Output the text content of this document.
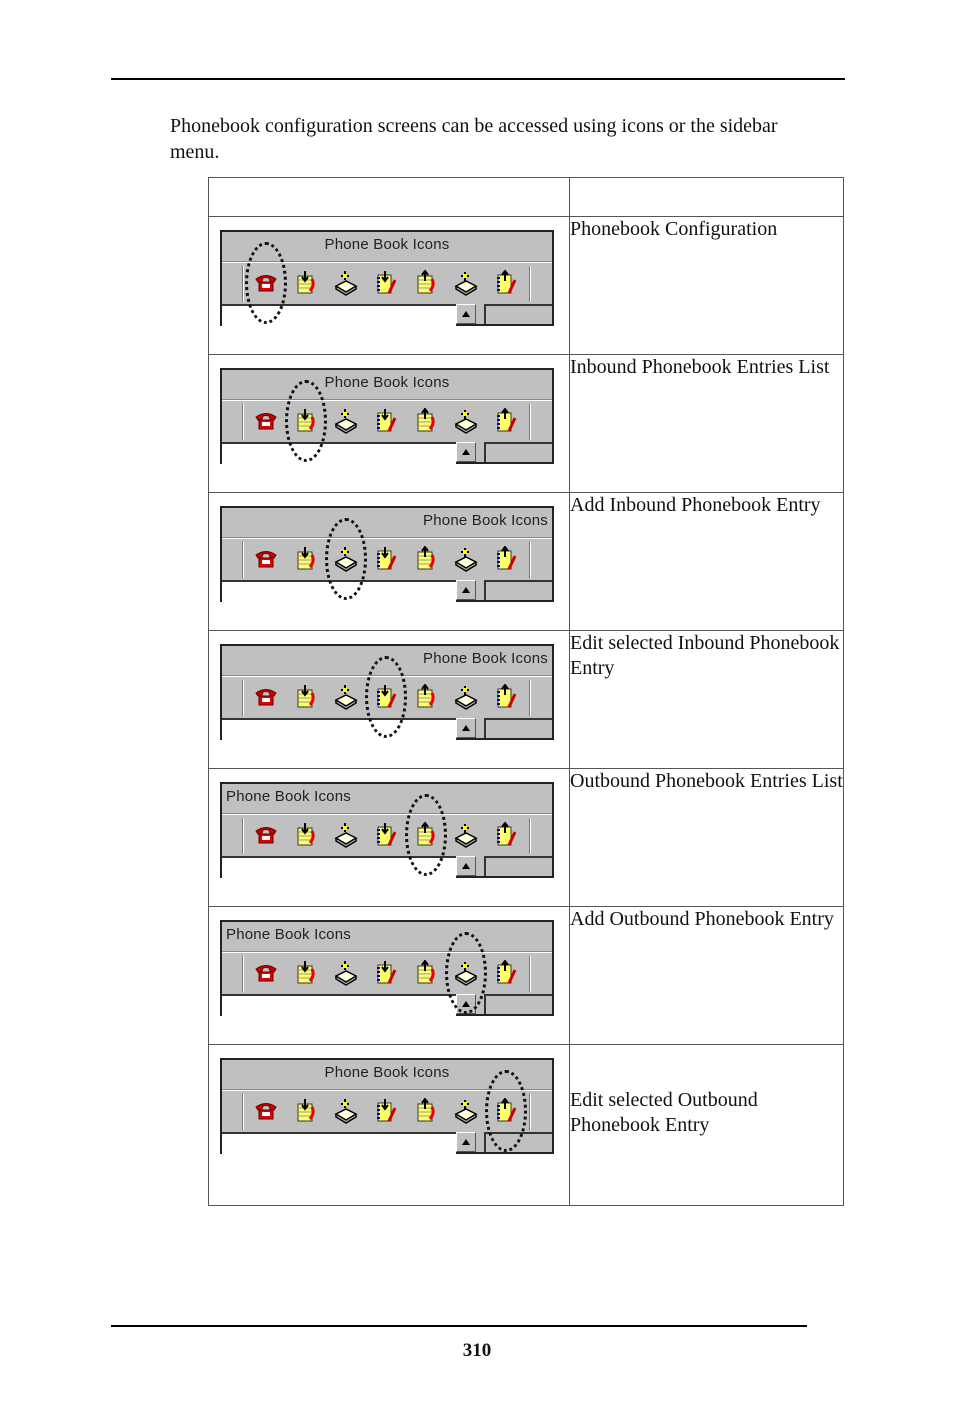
Phonebook configuration screens can be accessed using icons or the sidebar menu.

Phone Book Icons	Phonebook Configuration

Phone Book Icons	Inbound Phonebook Entries List

Phone Book Icons	Add Inbound Phonebook Entry

Phone Book Icons	Edit selected Inbound Phonebook Entry

Phone Book Icons	Outbound Phonebook Entries List

Phone Book Icons	Add Outbound Phonebook Entry

Phone Book Icons	Edit selected Outbound Phonebook Entry
310
